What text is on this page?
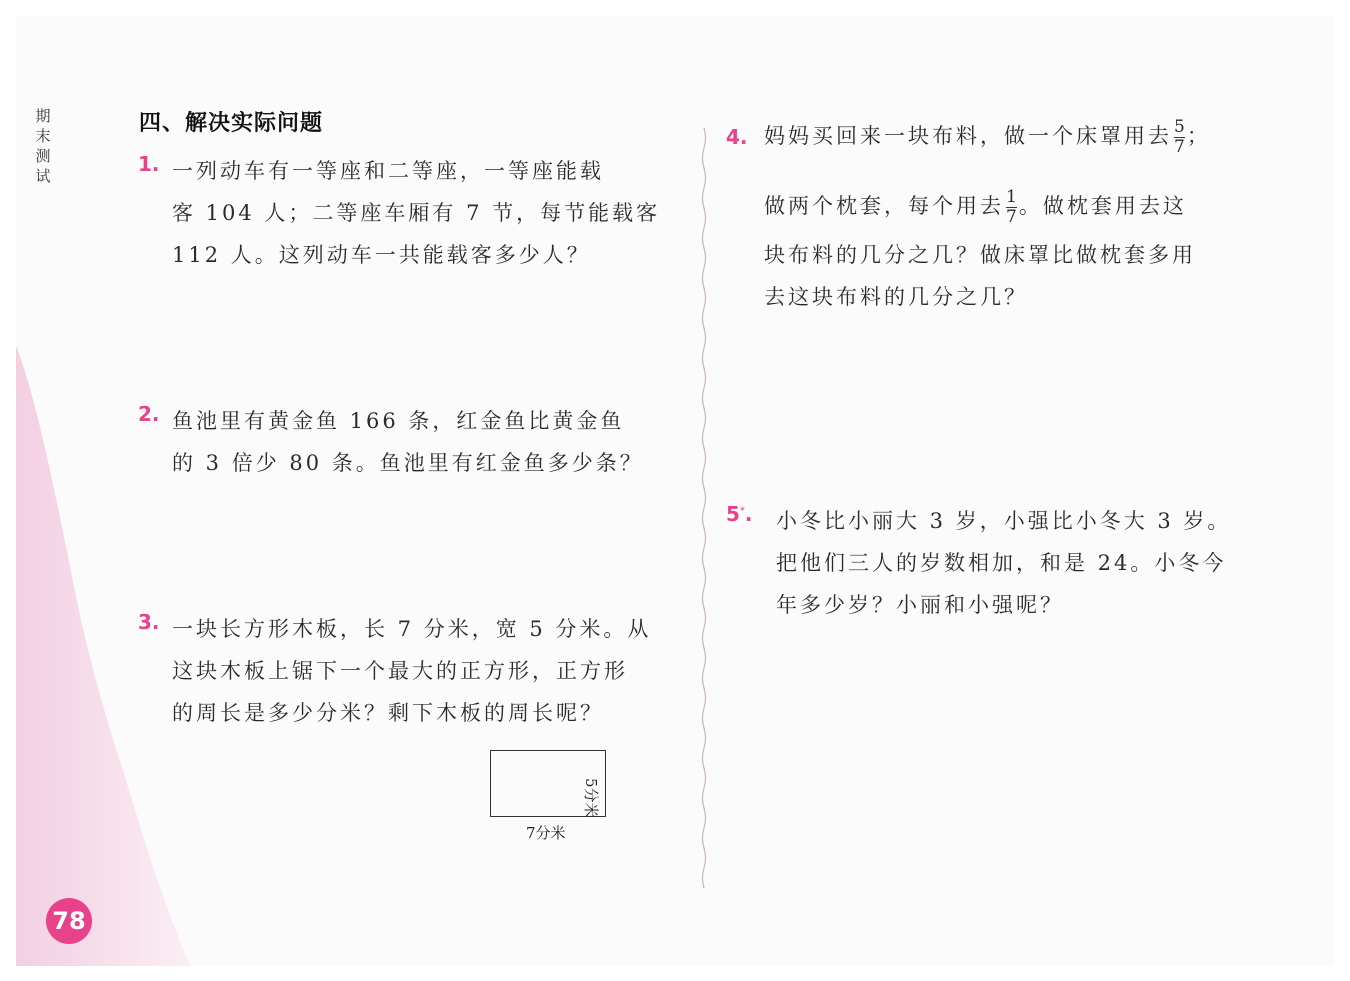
期
末
测
试
四、解决实际问题
1. 一列动车有一等座和二等座，一等座能载
客 104 人；二等座车厢有 7 节，每节能载客
112 人。这列动车一共能载客多少人？
2. 鱼池里有黄金鱼 166 条，红金鱼比黄金鱼
的 3 倍少 80 条。鱼池里有红金鱼多少条？
3. 一块长方形木板，长 7 分米，宽 5 分米。从
这块木板上锯下一个最大的正方形，正方形
的周长是多少分米？剩下木板的周长呢？
7分米
5分米
4. 妈妈买回来一块布料，做一个床罩用去 $\frac{5}{7}$ ；
做两个枕套，每个用去 $\frac{1}{7}$ 。做枕套用去这
块布料的几分之几？做床罩比做枕套多用
去这块布料的几分之几？
5*. 小冬比小丽大 3 岁，小强比小冬大 3 岁。
把他们三人的岁数相加，和是 24。小冬今
年多少岁？小丽和小强呢？
78
